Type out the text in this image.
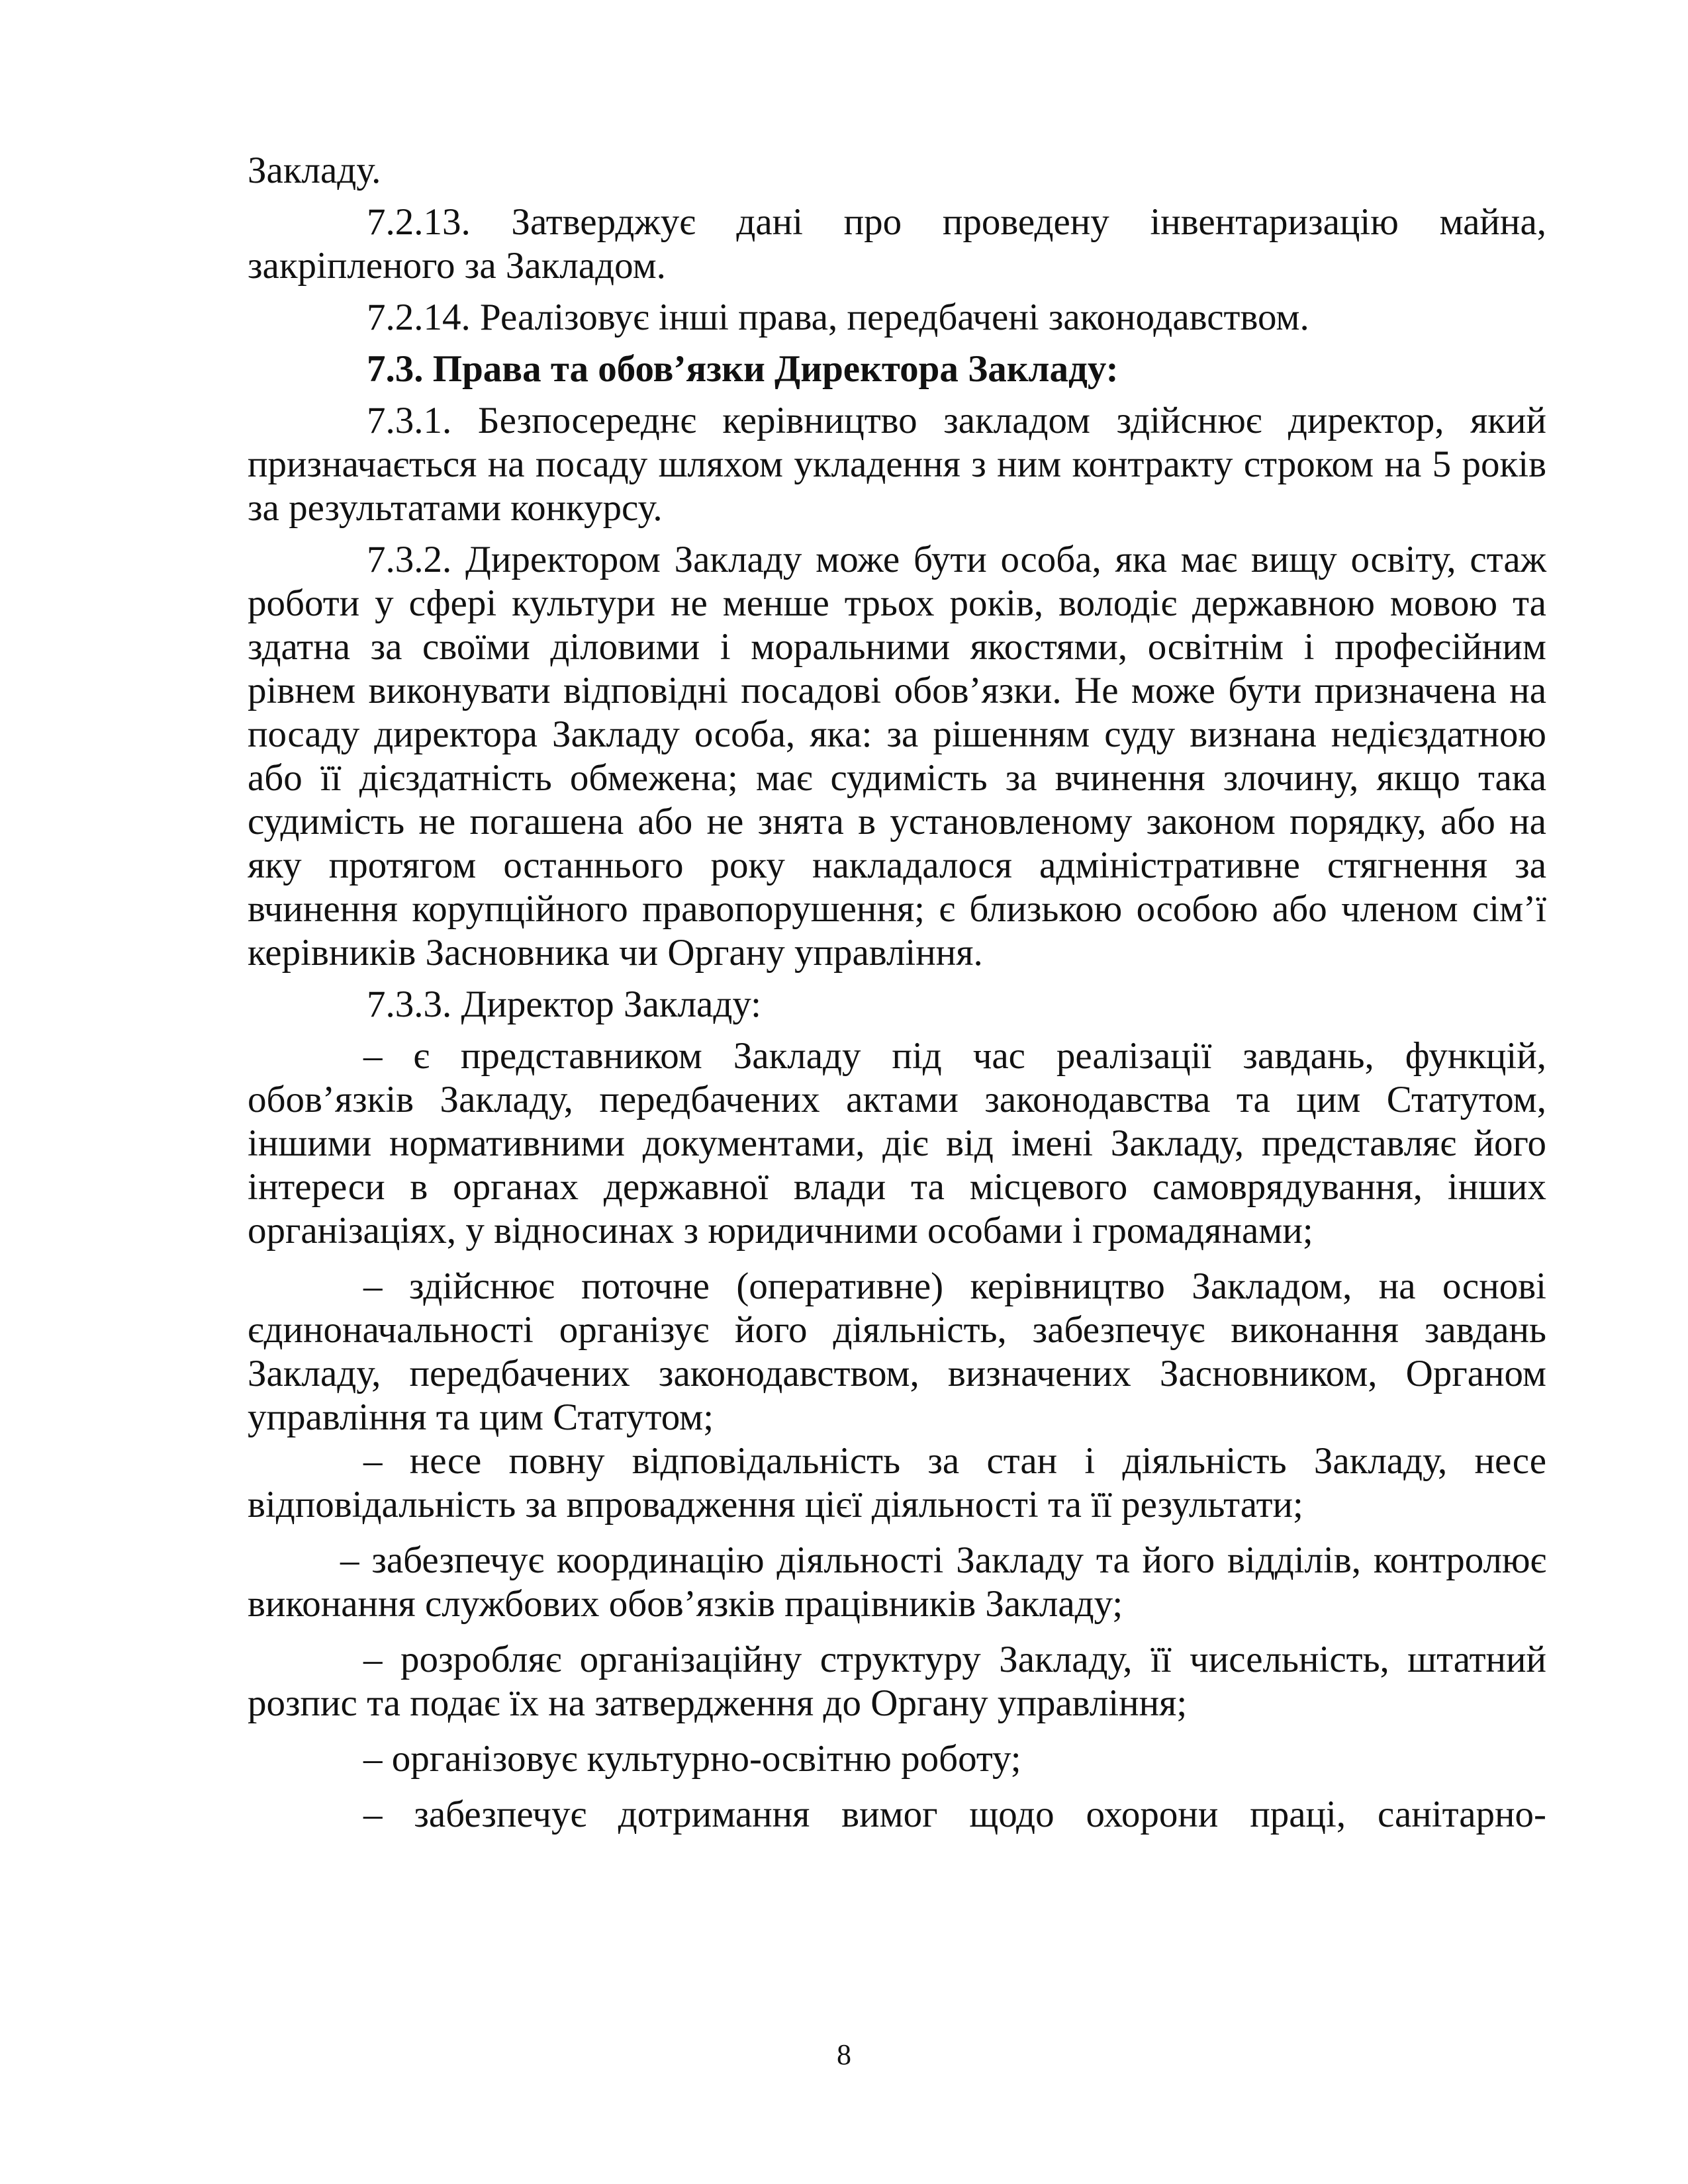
Закладу.

7.2.13. Затверджує дані про проведену інвентаризацію майна, закріпленого за Закладом.

7.2.14. Реалізовує інші права, передбачені законодавством.

7.3. Права та обов’язки Директора Закладу:

7.3.1. Безпосереднє керівництво закладом здійснює директор, який призначається на посаду шляхом укладення з ним контракту строком на 5 років за результатами конкурсу.

7.3.2. Директором Закладу може бути особа, яка має вищу освіту, стаж роботи у сфері культури не менше трьох років, володіє державною мовою та здатна за своїми діловими і моральними якостями, освітнім і професійним рівнем виконувати відповідні посадові обов’язки. Не може бути призначена на посаду директора Закладу особа, яка: за рішенням суду визнана недієздатною або її дієздатність обмежена; має судимість за вчинення злочину, якщо така судимість не погашена або не знята в установленому законом порядку, або на яку протягом останнього року накладалося адміністративне стягнення за вчинення корупційного правопорушення; є близькою особою або членом сім’ї керівників Засновника чи Органу управління.

7.3.3. Директор Закладу:

– є представником Закладу під час реалізації завдань, функцій, обов’язків Закладу, передбачених актами законодавства та цим Статутом, іншими нормативними документами, діє від імені Закладу, представляє його інтереси в органах державної влади та місцевого самоврядування, інших організаціях, у відносинах з юридичними особами і громадянами;

– здійснює поточне (оперативне) керівництво Закладом, на основі єдиноначальності організує його діяльність, забезпечує виконання завдань Закладу, передбачених законодавством, визначених Засновником, Органом управління та цим Статутом;

– несе повну відповідальність за стан і діяльність Закладу, несе відповідальність за впровадження цієї діяльності та її результати;

– забезпечує координацію діяльності Закладу та його відділів, контролює виконання службових обов’язків працівників Закладу;

– розробляє організаційну структуру Закладу, її чисельність, штатний розпис та подає їх на затвердження до Органу управління;

– організовує культурно-освітню роботу;

– забезпечує дотримання вимог щодо охорони праці, санітарно-

8
